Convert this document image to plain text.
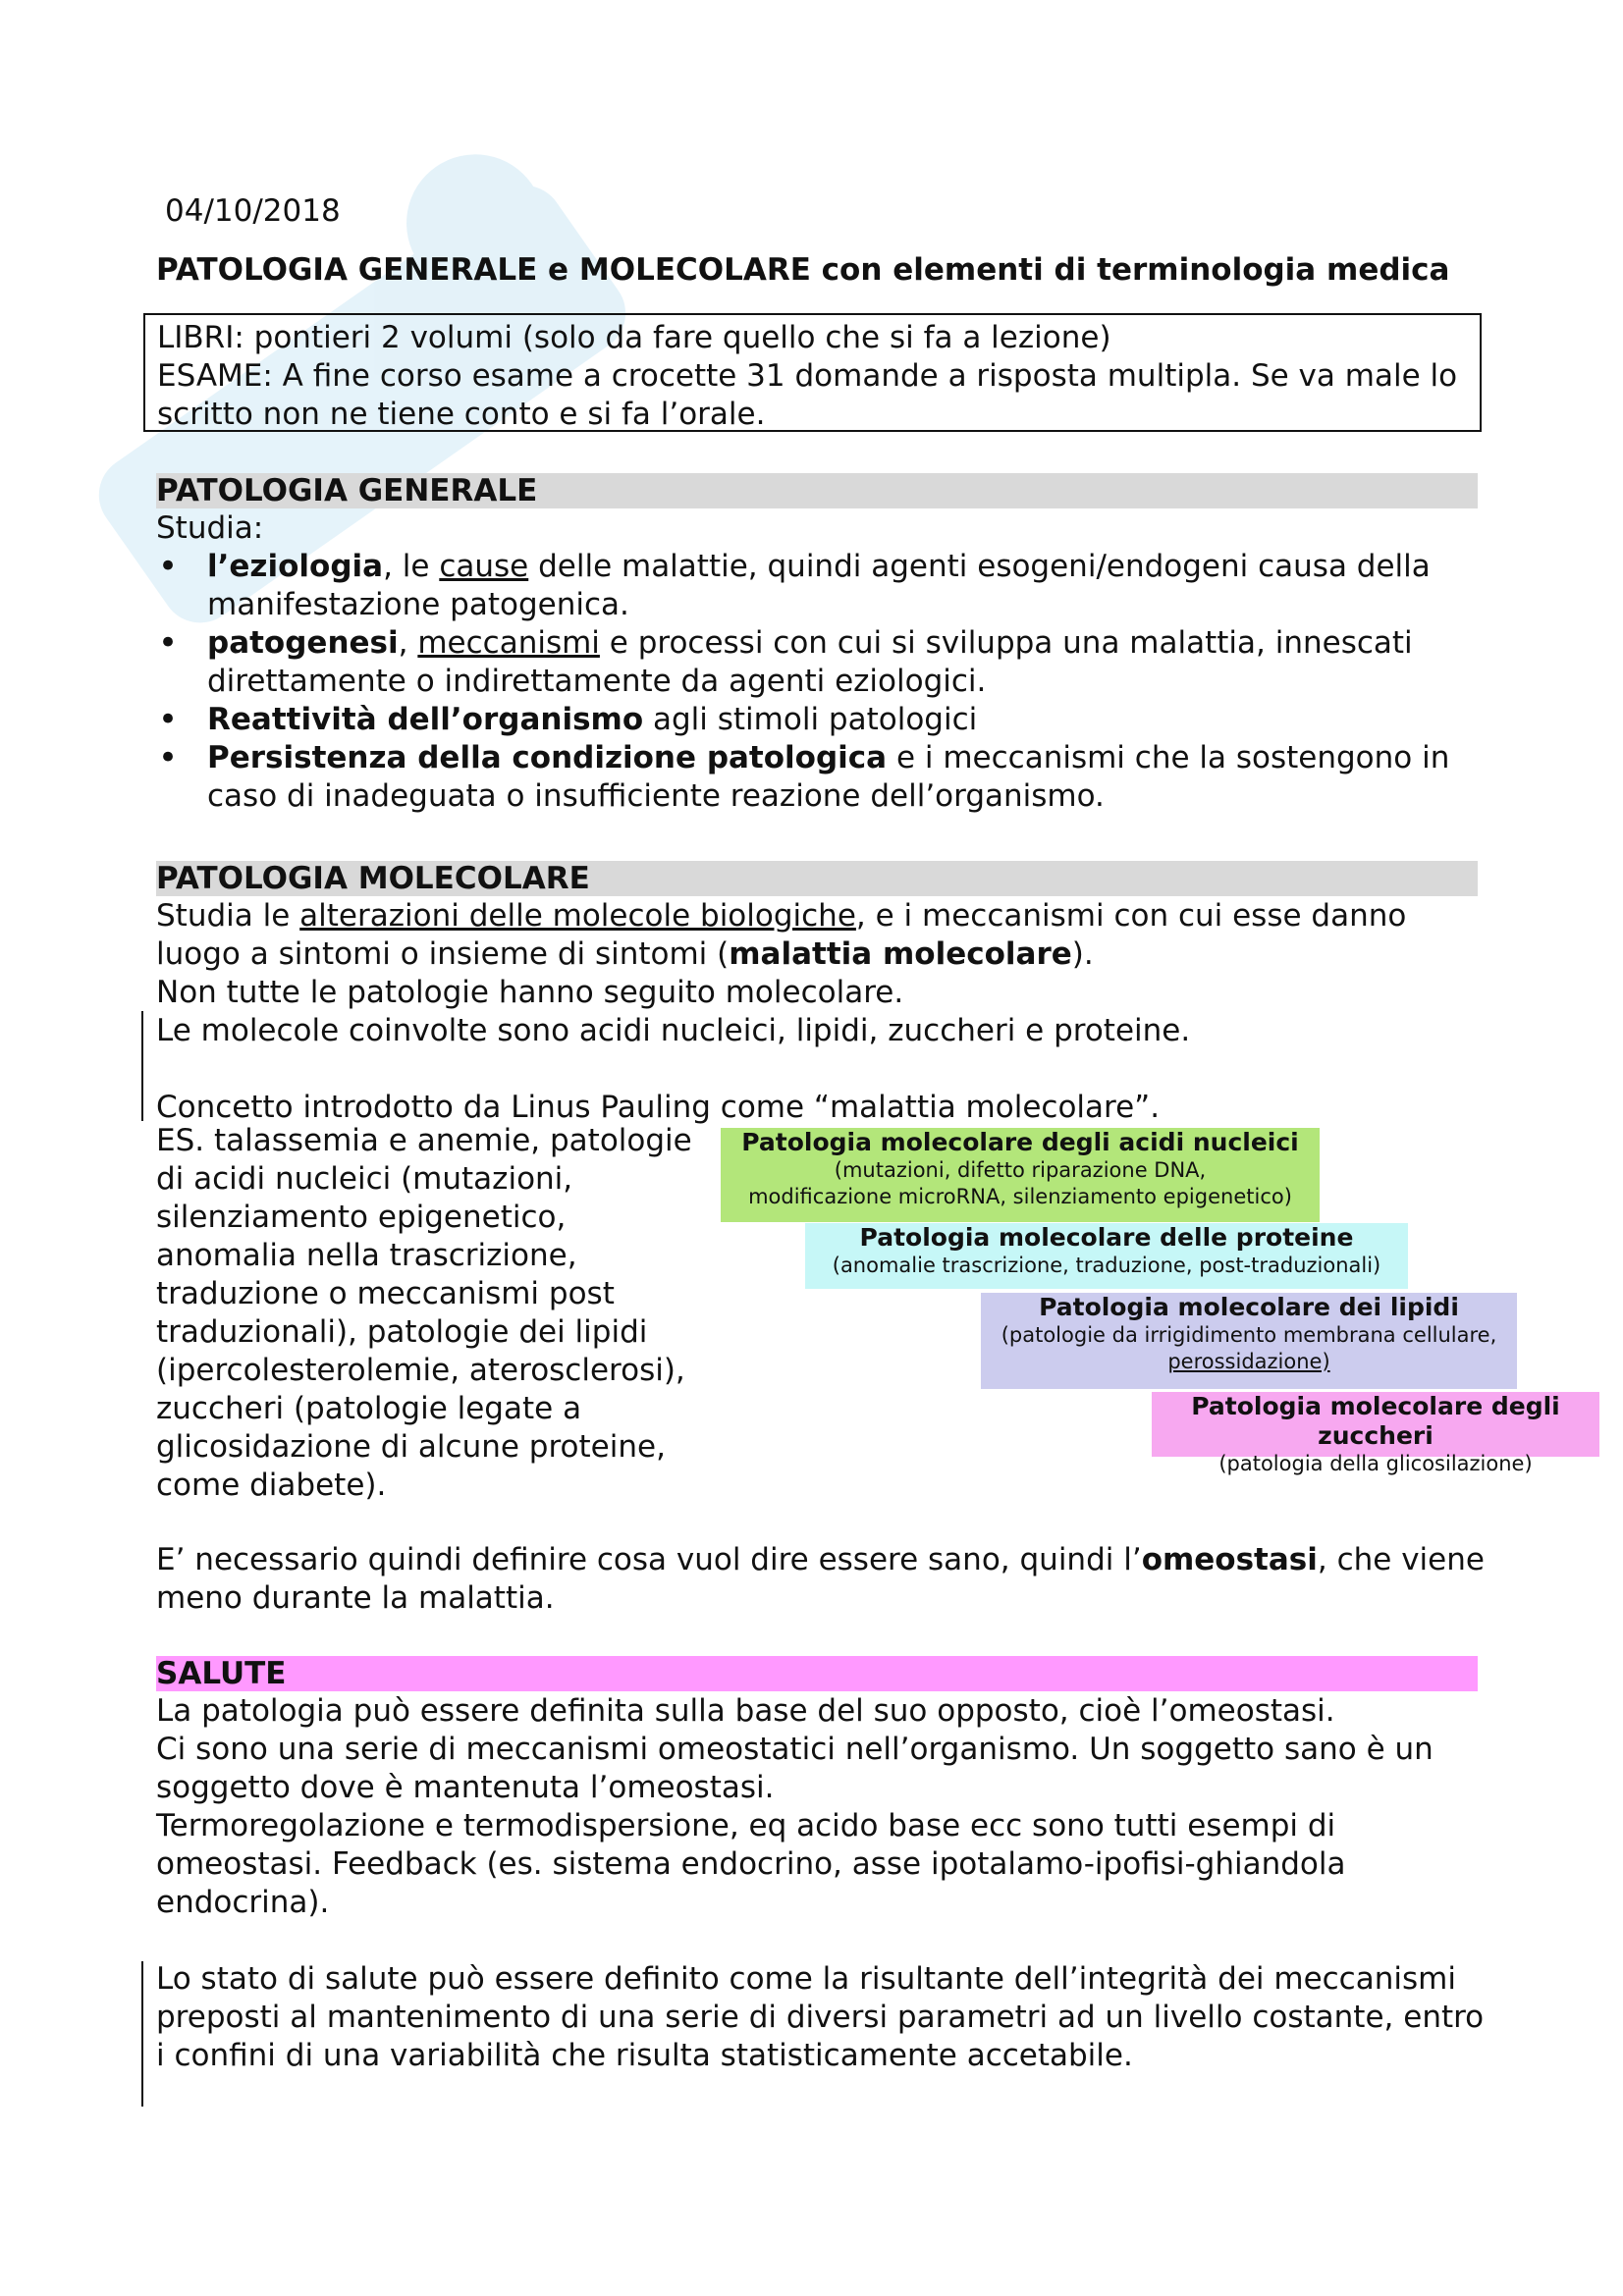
04/10/2018
PATOLOGIA GENERALE e MOLECOLARE con elementi di terminologia medica

LIBRI: pontieri 2 volumi (solo da fare quello che si fa a lezione)

ESAME: A fine corso esame a crocette 31 domande a risposta multipla. Se va male lo

scritto non ne tiene conto e si fa l’orale.

PATOLOGIA GENERALE

Studia:

• l’eziologia, le cause delle malattie, quindi agenti esogeni/endogeni causa della manifestazione patogenica.
• patogenesi, meccanismi e processi con cui si sviluppa una malattia, innescati direttamente o indirettamente da agenti eziologici.
• Reattività dell’organismo agli stimoli patologici
• Persistenza della condizione patologica e i meccanismi che la sostengono in caso di inadeguata o insufficiente reazione dell’organismo.
PATOLOGIA MOLECOLARE

Studia le alterazioni delle molecole biologiche, e i meccanismi con cui esse danno luogo a sintomi o insieme di sintomi (malattia molecolare).

Non tutte le patologie hanno seguito molecolare.

Le molecole coinvolte sono acidi nucleici, lipidi, zuccheri e proteine.

Concetto introdotto da Linus Pauling come “malattia molecolare”.

ES. talassemia e anemie, patologie di acidi nucleici (mutazioni, silenziamento epigenetico, anomalia nella trascrizione, traduzione o meccanismi post traduzionali), patologie dei lipidi (ipercolesterolemie, aterosclerosi), zuccheri (patologie legate a glicosidazione di alcune proteine, come diabete).
Patologia molecolare degli acidi nucleici
(mutazioni, difetto riparazione DNA,
modificazione microRNA, silenziamento epigenetico)
Patologia molecolare delle proteine
(anomalie trascrizione, traduzione, post-traduzionali)
Patologia molecolare dei lipidi
(patologie da irrigidimento membrana cellulare,
perossidazione)
Patologia molecolare degli zuccheri
(patologia della glicosilazione)

E’ necessario quindi definire cosa vuol dire essere sano, quindi l’omeostasi, che viene meno durante la malattia.

SALUTE

La patologia può essere definita sulla base del suo opposto, cioè l’omeostasi.

Ci sono una serie di meccanismi omeostatici nell’organismo. Un soggetto sano è un soggetto dove è mantenuta l’omeostasi.

Termoregolazione e termodispersione, eq acido base ecc sono tutti esempi di omeostasi. Feedback (es. sistema endocrino, asse ipotalamo-ipofisi-ghiandola endocrina).

Lo stato di salute può essere definito come la risultante dell’integrità dei meccanismi preposti al mantenimento di una serie di diversi parametri ad un livello costante, entro i confini di una variabilità che risulta statisticamente accetabile.
